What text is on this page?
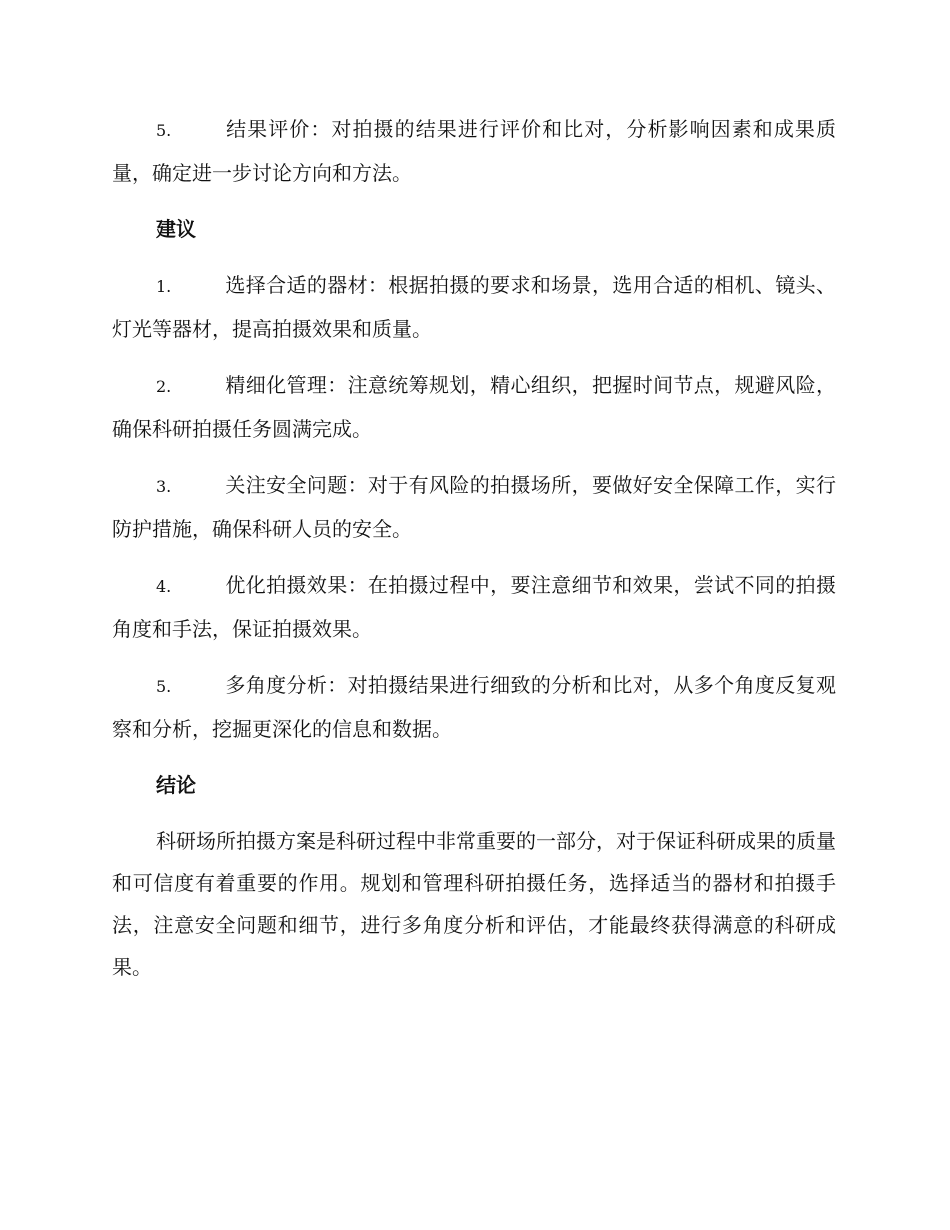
5.	结果评价：对拍摄的结果进行评价和比对，分析影响因素和成果质量，确定进一步讨论方向和方法。

建议

1.	选择合适的器材：根据拍摄的要求和场景，选用合适的相机、镜头、灯光等器材，提高拍摄效果和质量。

2.	精细化管理：注意统筹规划，精心组织，把握时间节点，规避风险，确保科研拍摄任务圆满完成。

3.	关注安全问题：对于有风险的拍摄场所，要做好安全保障工作，实行防护措施，确保科研人员的安全。

4.	优化拍摄效果：在拍摄过程中，要注意细节和效果，尝试不同的拍摄角度和手法，保证拍摄效果。

5.	多角度分析：对拍摄结果进行细致的分析和比对，从多个角度反复观察和分析，挖掘更深化的信息和数据。

结论

科研场所拍摄方案是科研过程中非常重要的一部分，对于保证科研成果的质量和可信度有着重要的作用。规划和管理科研拍摄任务，选择适当的器材和拍摄手法，注意安全问题和细节，进行多角度分析和评估，才能最终获得满意的科研成果。
